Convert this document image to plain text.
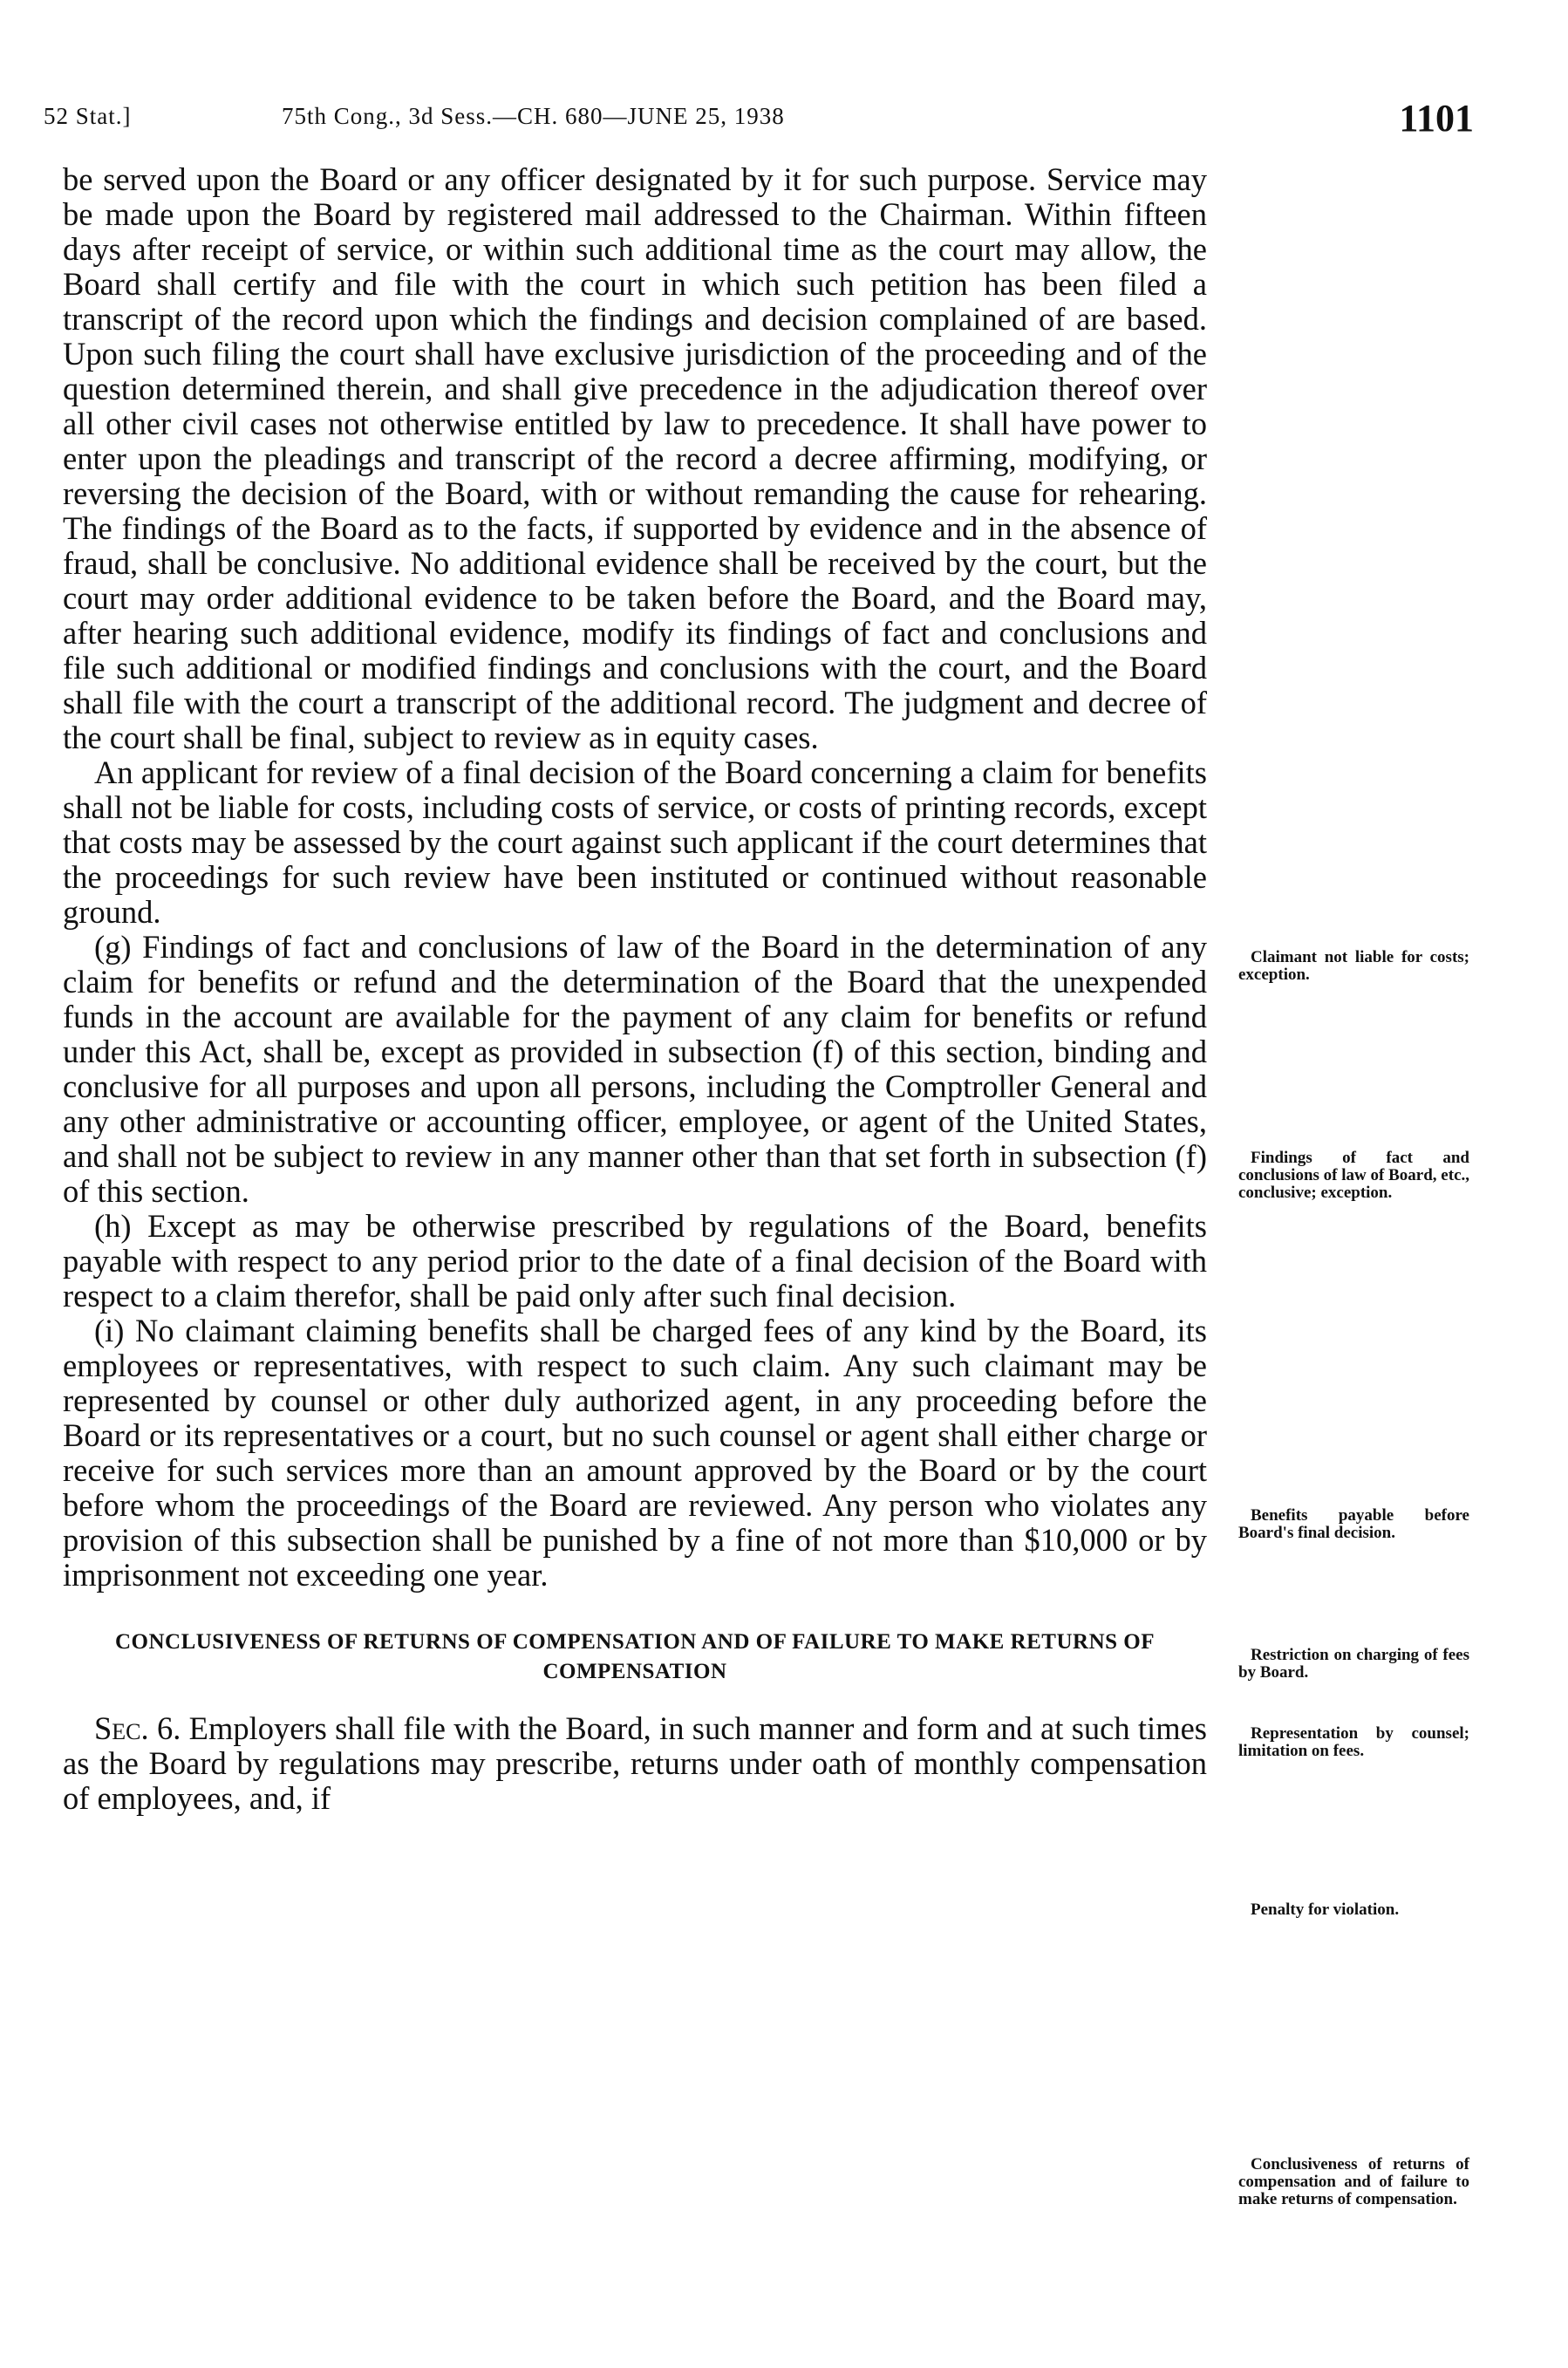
52 Stat.]	75th Cong., 3d Sess.—CH. 680—JUNE 25, 1938	1101

be served upon the Board or any officer designated by it for such purpose. Service may be made upon the Board by registered mail addressed to the Chairman. Within fifteen days after receipt of service, or within such additional time as the court may allow, the Board shall certify and file with the court in which such petition has been filed a transcript of the record upon which the findings and decision complained of are based. Upon such filing the court shall have exclusive jurisdiction of the proceeding and of the question determined therein, and shall give precedence in the adjudication thereof over all other civil cases not otherwise entitled by law to precedence. It shall have power to enter upon the pleadings and transcript of the record a decree affirming, modifying, or reversing the decision of the Board, with or without remanding the cause for rehearing. The findings of the Board as to the facts, if supported by evidence and in the absence of fraud, shall be conclusive. No additional evidence shall be received by the court, but the court may order additional evidence to be taken before the Board, and the Board may, after hearing such additional evidence, modify its findings of fact and conclusions and file such additional or modified findings and conclusions with the court, and the Board shall file with the court a transcript of the additional record. The judgment and decree of the court shall be final, subject to review as in equity cases.

An applicant for review of a final decision of the Board concerning a claim for benefits shall not be liable for costs, including costs of service, or costs of printing records, except that costs may be assessed by the court against such applicant if the court determines that the proceedings for such review have been instituted or continued without reasonable ground.

(g) Findings of fact and conclusions of law of the Board in the determination of any claim for benefits or refund and the determination of the Board that the unexpended funds in the account are available for the payment of any claim for benefits or refund under this Act, shall be, except as provided in subsection (f) of this section, binding and conclusive for all purposes and upon all persons, including the Comptroller General and any other administrative or accounting officer, employee, or agent of the United States, and shall not be subject to review in any manner other than that set forth in subsection (f) of this section.

(h) Except as may be otherwise prescribed by regulations of the Board, benefits payable with respect to any period prior to the date of a final decision of the Board with respect to a claim therefor, shall be paid only after such final decision.

(i) No claimant claiming benefits shall be charged fees of any kind by the Board, its employees or representatives, with respect to such claim. Any such claimant may be represented by counsel or other duly authorized agent, in any proceeding before the Board or its representatives or a court, but no such counsel or agent shall either charge or receive for such services more than an amount approved by the Board or by the court before whom the proceedings of the Board are reviewed. Any person who violates any provision of this subsection shall be punished by a fine of not more than $10,000 or by imprisonment not exceeding one year.

CONCLUSIVENESS OF RETURNS OF COMPENSATION AND OF FAILURE TO MAKE RETURNS OF COMPENSATION

Sec. 6. Employers shall file with the Board, in such manner and form and at such times as the Board by regulations may prescribe, returns under oath of monthly compensation of employees, and, if

Claimant not liable for costs; exception.
Findings of fact and conclusions of law of Board, etc., conclusive; exception.
Benefits payable before Board's final decision.
Restriction on charging of fees by Board.
Representation by counsel; limitation on fees.
Penalty for violation.
Conclusiveness of returns of compensation and of failure to make returns of compensation.
